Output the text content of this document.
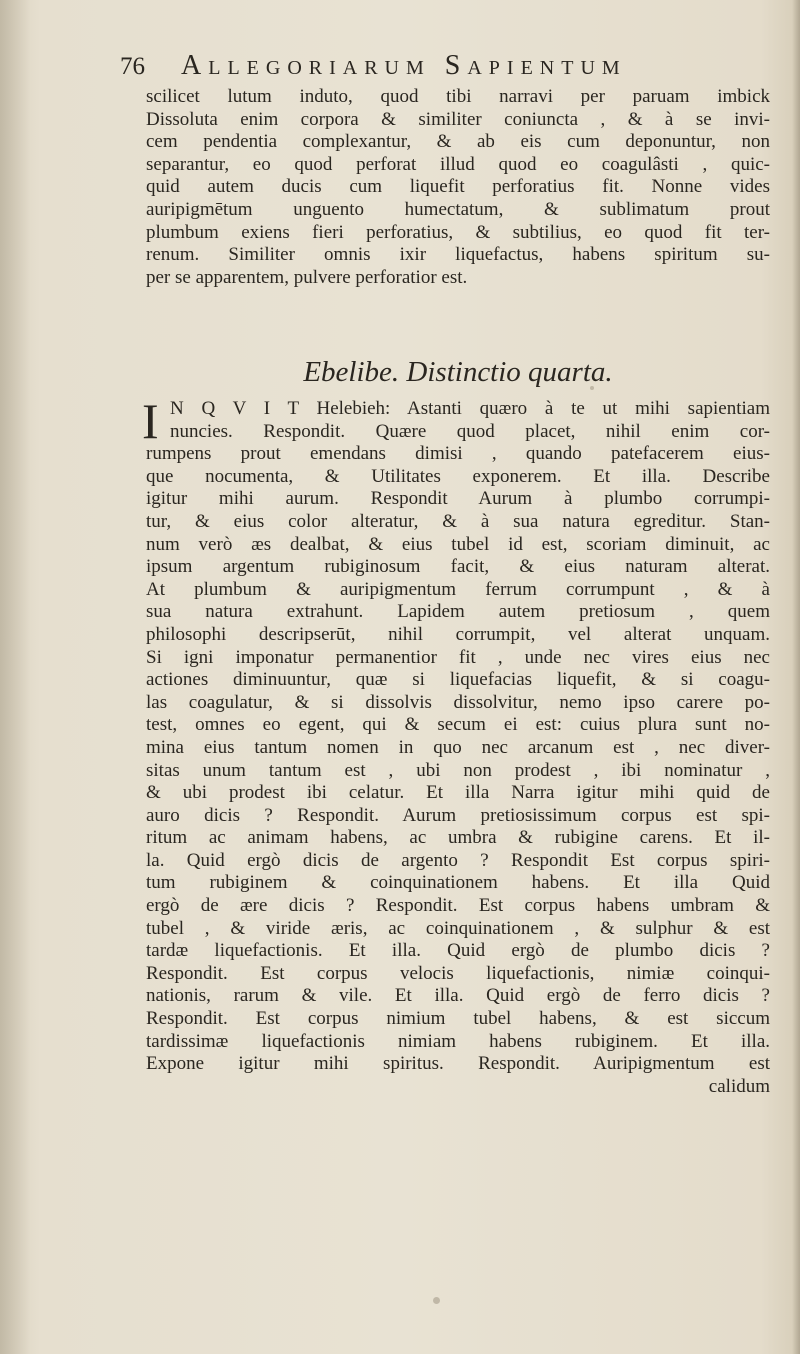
76 Allegoriarum Sapientum
scilicet lutum induto, quod tibi narravi per paruam imbick
Dissoluta enim corpora & similiter coniuncta , & à se invi-
cem pendentia complexantur, & ab eis cum deponuntur, non
separantur, eo quod perforat illud quod eo coagulâsti , quic-
quid autem ducis cum liquefit perforatius fit. Nonne vides
auripigmētum unguento humectatum, & sublimatum prout
plumbum exiens fieri perforatius, & subtilius, eo quod fit ter-
renum. Similiter omnis ixir liquefactus, habens spiritum su-
per se apparentem, pulvere perforatior est.
Ebelibe. Distinctio quarta.
I N Q V I T Helebieh: Astanti quæro à te ut mihi sapientiam
nuncies. Respondit. Quære quod placet, nihil enim cor-
rumpens prout emendans dimisi , quando patefacerem eius-
que nocumenta, & Utilitates exponerem. Et illa. Describe
igitur mihi aurum. Respondit Aurum à plumbo corrumpi-
tur, & eius color alteratur, & à sua natura egreditur. Stan-
num verò æs dealbat, & eius tubel id est, scoriam diminuit, ac
ipsum argentum rubiginosum facit, & eius naturam alterat.
At plumbum & auripigmentum ferrum corrumpunt , & à
sua natura extrahunt. Lapidem autem pretiosum , quem
philosophi descripserūt, nihil corrumpit, vel alterat unquam.
Si igni imponatur permanentior fit , unde nec vires eius nec
actiones diminuuntur, quæ si liquefacias liquefit, & si coagu-
las coagulatur, & si dissolvis dissolvitur, nemo ipso carere po-
test, omnes eo egent, qui & secum ei est: cuius plura sunt no-
mina eius tantum nomen in quo nec arcanum est , nec diver-
sitas unum tantum est , ubi non prodest , ibi nominatur ,
& ubi prodest ibi celatur. Et illa Narra igitur mihi quid de
auro dicis ? Respondit. Aurum pretiosissimum corpus est spi-
ritum ac animam habens, ac umbra & rubigine carens. Et il-
la. Quid ergò dicis de argento ? Respondit Est corpus spiri-
tum rubiginem & coinquinationem habens. Et illa Quid
ergò de ære dicis ? Respondit. Est corpus habens umbram &
tubel , & viride æris, ac coinquinationem , & sulphur & est
tardæ liquefactionis. Et illa. Quid ergò de plumbo dicis ?
Respondit. Est corpus velocis liquefactionis, nimiæ coinqui-
nationis, rarum & vile. Et illa. Quid ergò de ferro dicis ?
Respondit. Est corpus nimium tubel habens, & est siccum
tardissimæ liquefactionis nimiam habens rubiginem. Et illa.
Expone igitur mihi spiritus. Respondit. Auripigmentum est
calidum
